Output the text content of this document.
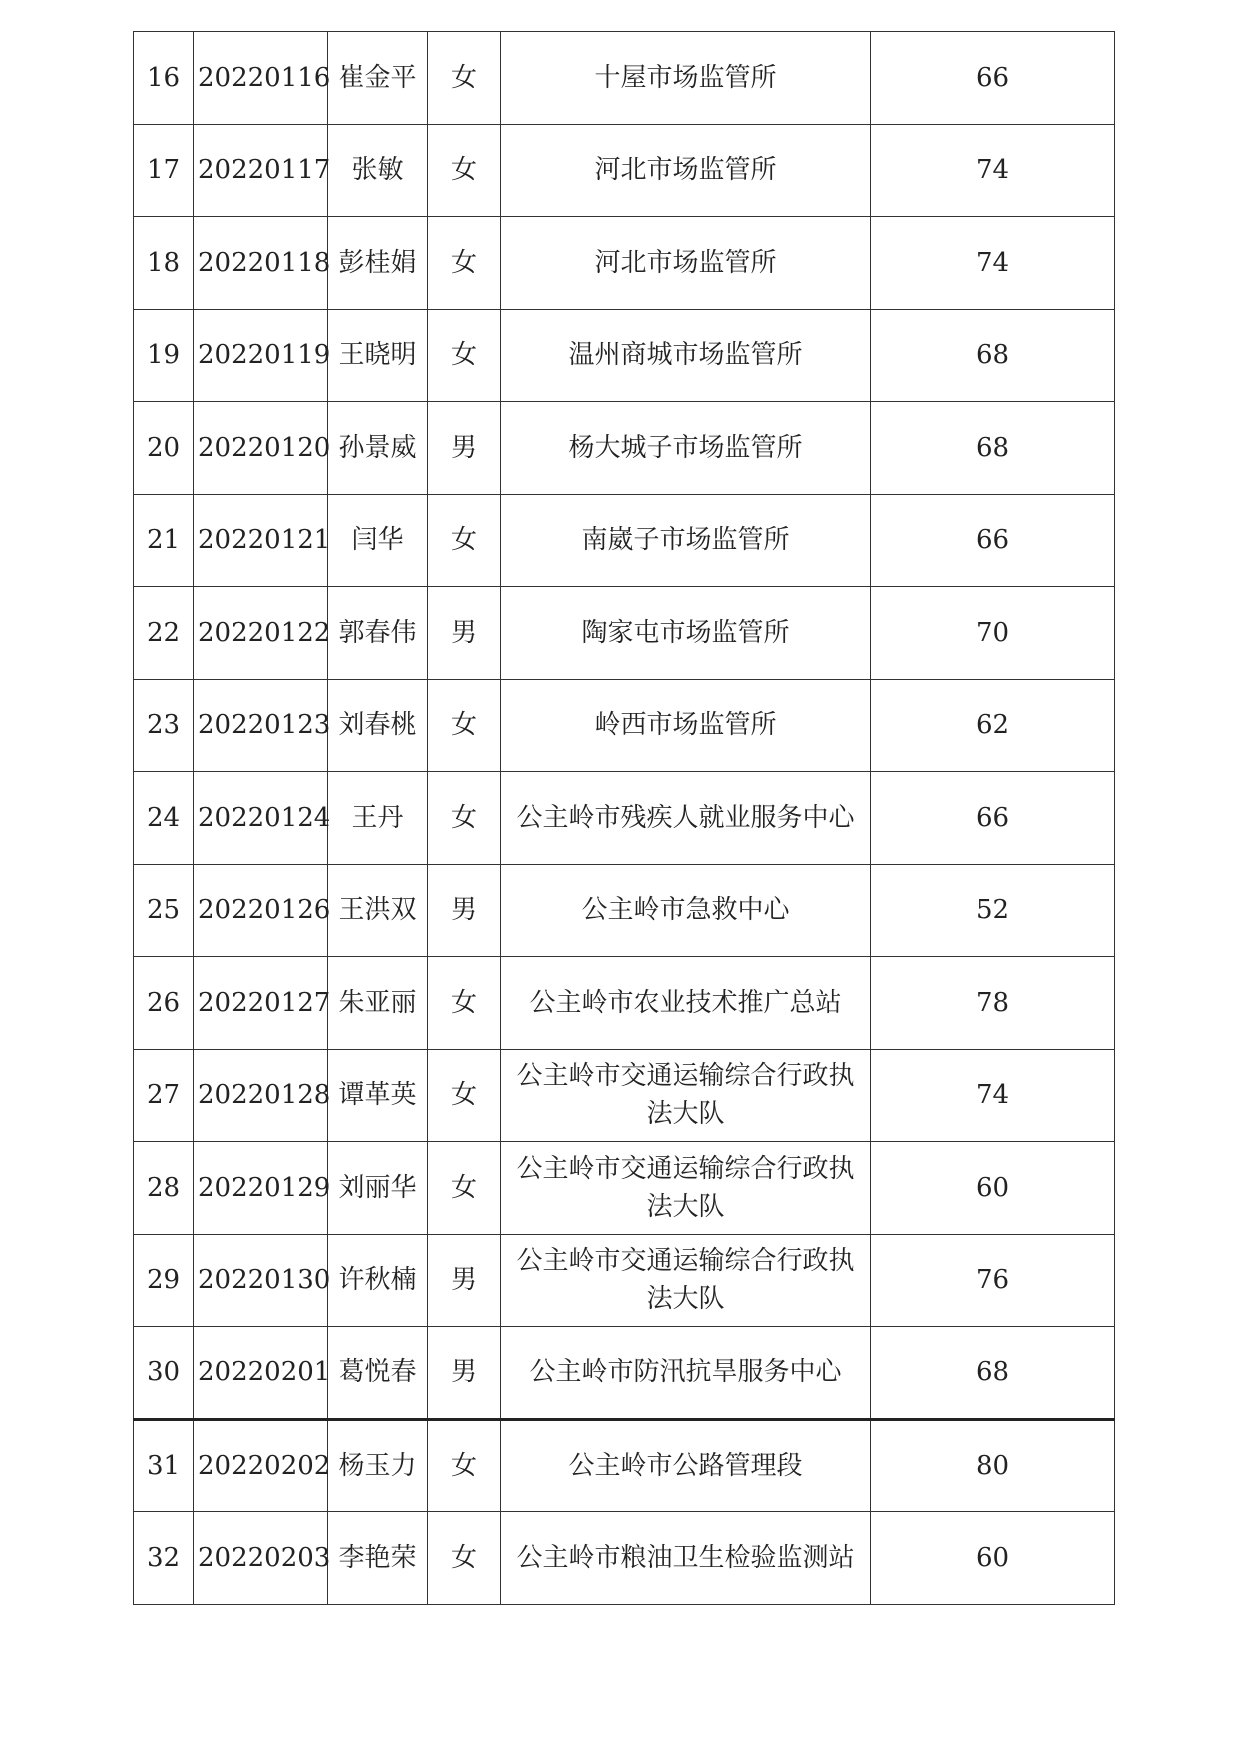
16	20220116	崔金平	女	十屋市场监管所	66
17	20220117	张敏	女	河北市场监管所	74
18	20220118	彭桂娟	女	河北市场监管所	74
19	20220119	王晓明	女	温州商城市场监管所	68
20	20220120	孙景威	男	杨大城子市场监管所	68
21	20220121	闫华	女	南崴子市场监管所	66
22	20220122	郭春伟	男	陶家屯市场监管所	70
23	20220123	刘春桃	女	岭西市场监管所	62
24	20220124	王丹	女	公主岭市残疾人就业服务中心	66
25	20220126	王洪双	男	公主岭市急救中心	52
26	20220127	朱亚丽	女	公主岭市农业技术推广总站	78
27	20220128	谭革英	女	公主岭市交通运输综合行政执法大队	74
28	20220129	刘丽华	女	公主岭市交通运输综合行政执法大队	60
29	20220130	许秋楠	男	公主岭市交通运输综合行政执法大队	76
30	20220201	葛悦春	男	公主岭市防汛抗旱服务中心	68
31	20220202	杨玉力	女	公主岭市公路管理段	80
32	20220203	李艳荣	女	公主岭市粮油卫生检验监测站	60
